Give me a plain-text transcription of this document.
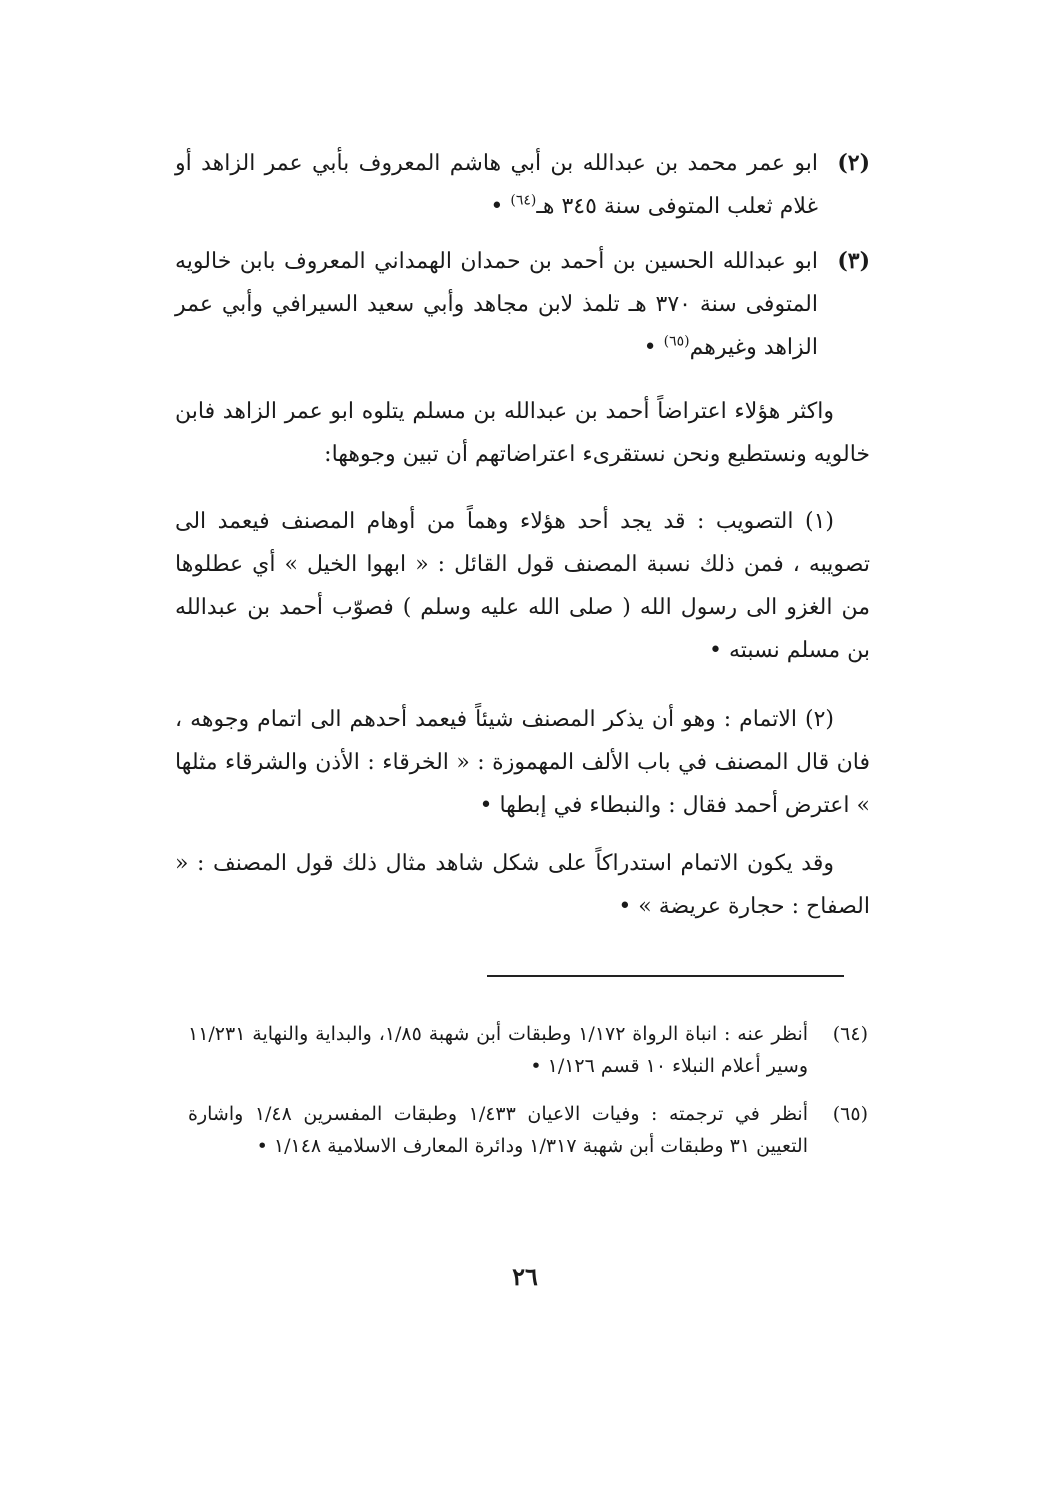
(٢)
ابو عمر محمد بن عبدالله بن أبي هاشم المعروف بأبي عمر الزاهد أو غلام ثعلب المتوفى سنة ٣٤٥ هـ$^{(٦٤)}$ •
(٣)
ابو عبدالله الحسين بن أحمد بن حمدان الهمداني المعروف بابن خالويه المتوفى سنة ٣٧٠ هـ تلمذ لابن مجاهد وأبي سعيد السيرافي وأبي عمر الزاهد وغيرهم$^{(٦٥)}$ •
واكثر هؤلاء اعتراضاً أحمد بن عبدالله بن مسلم يتلوه ابو عمر الزاهد فابن خالويه ونستطيع ونحن نستقرىء اعتراضاتهم أن تبين وجوهها:
(١) التصويب : قد يجد أحد هؤلاء وهماً من أوهام المصنف فيعمد الى تصويبه ، فمن ذلك نسبة المصنف قول القائل : « ابهوا الخيل » أي عطلوها من الغزو الى رسول الله ( صلى الله عليه وسلم ) فصوّب أحمد بن عبدالله بن مسلم نسبته •
(٢) الاتمام : وهو أن يذكر المصنف شيئاً فيعمد أحدهم الى اتمام وجوهه ، فان قال المصنف في باب الألف المهموزة : « الخرقاء : الأذن والشرقاء مثلها » اعترض أحمد فقال : والنبطاء في إبطها •
وقد يكون الاتمام استدراكاً على شكل شاهد مثال ذلك قول المصنف : « الصفاح : حجارة عريضة » •
(٦٤)
أنظر عنه : انباة الرواة ١/١٧٢ وطبقات أبن شهبة ١/٨٥، والبداية والنهاية ١١/٢٣١ وسير أعلام النبلاء ١٠ قسم ١/١٢٦ •
(٦٥)
أنظر في ترجمته : وفيات الاعيان ١/٤٣٣ وطبقات المفسرين ١/٤٨ واشارة التعيين ٣١ وطبقات أبن شهبة ١/٣١٧ ودائرة المعارف الاسلامية ١/١٤٨ •
٢٦
